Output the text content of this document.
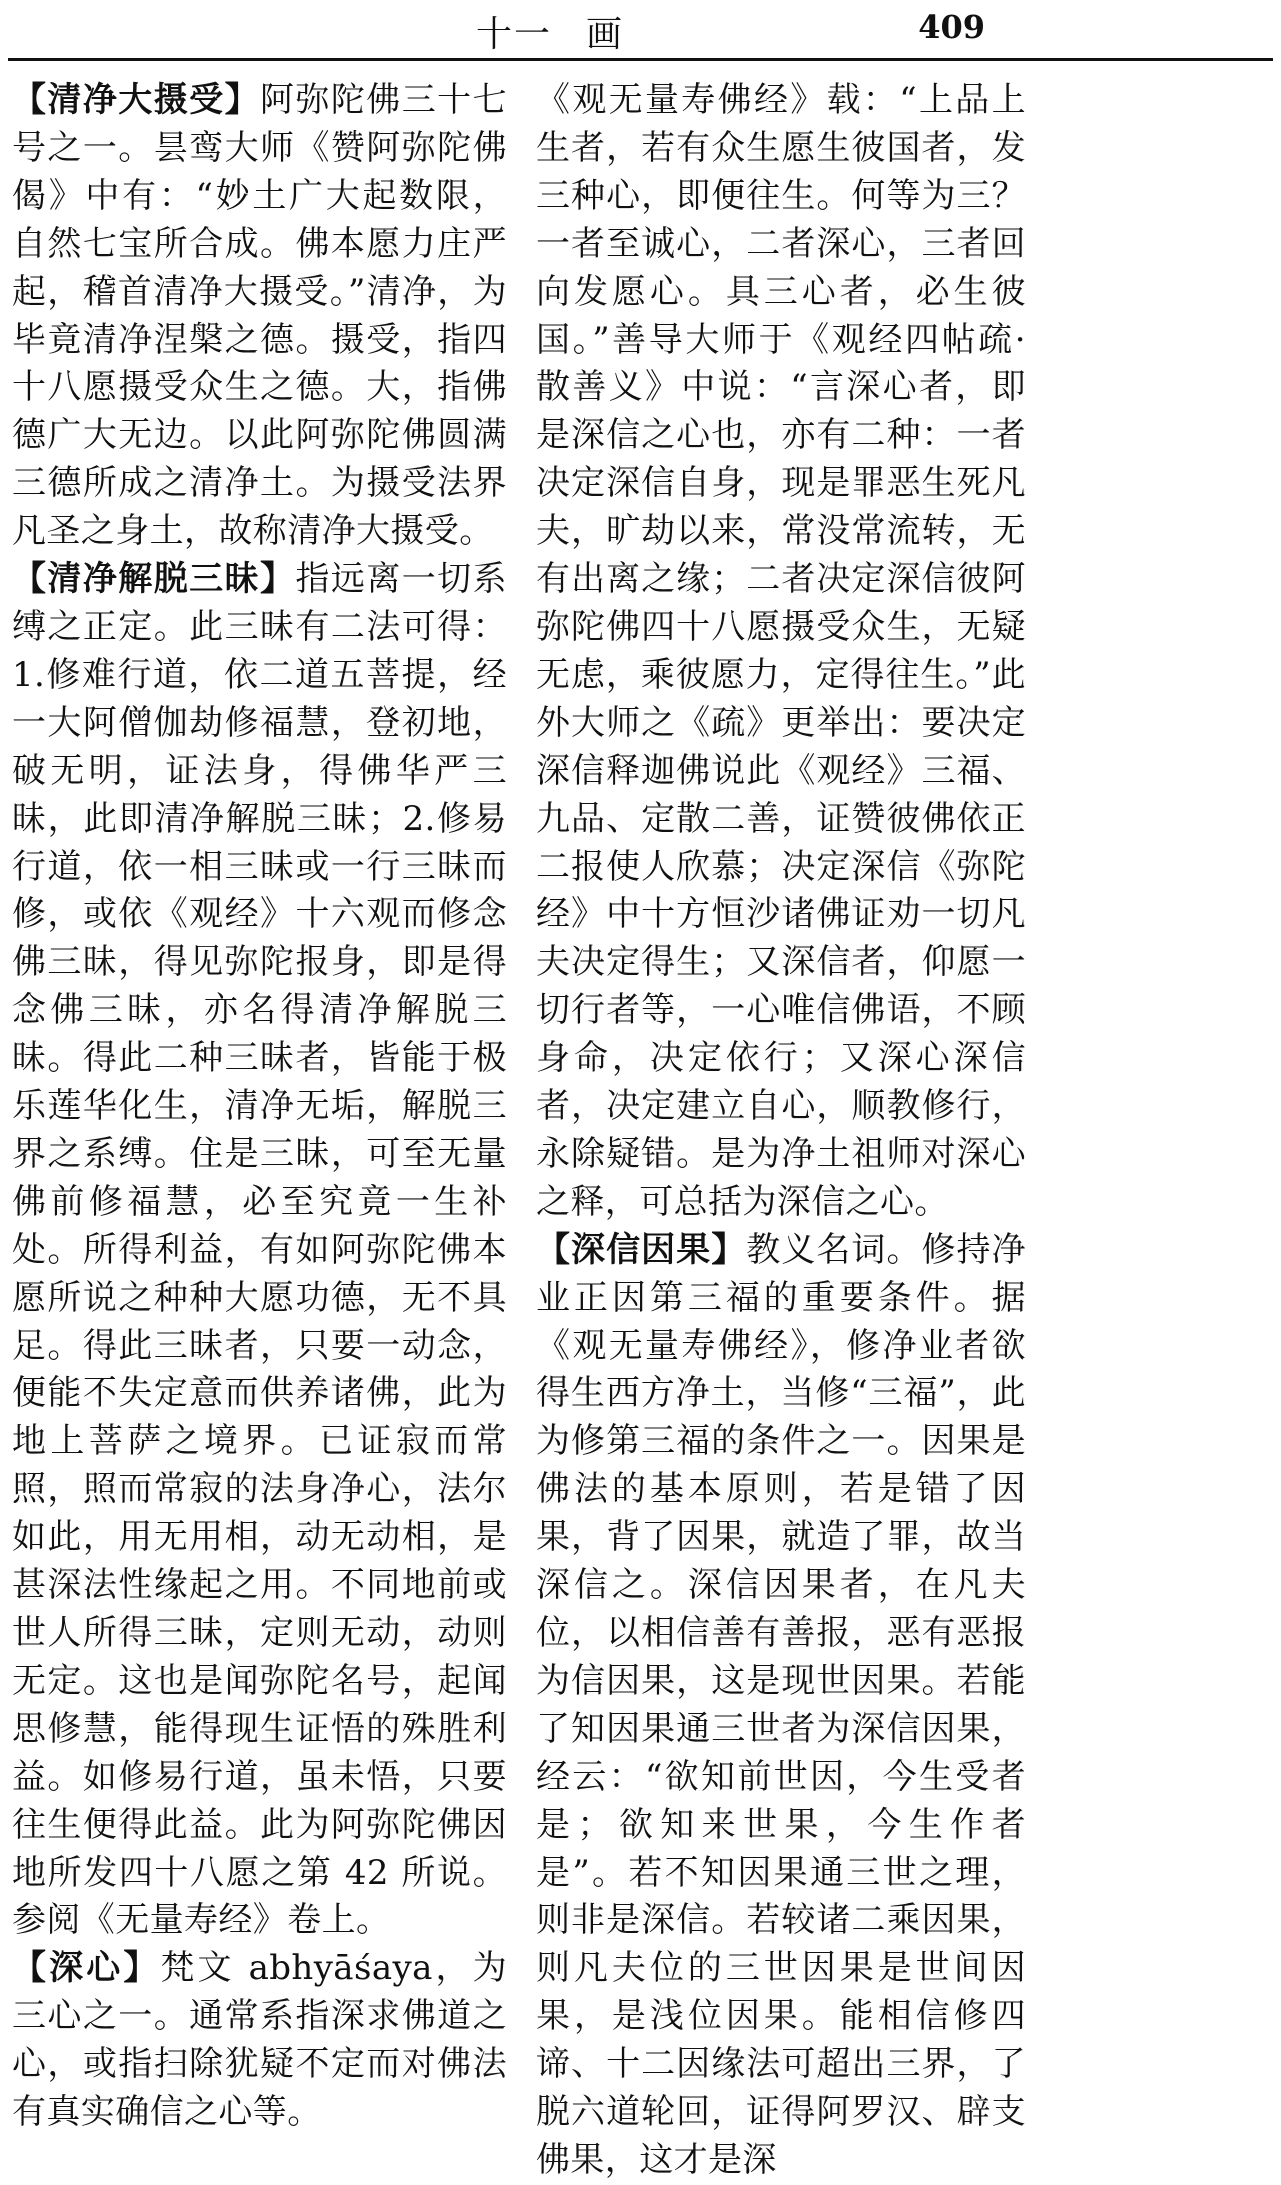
十一 画	409

【清净大摄受】阿弥陀佛三十七号之一。昙鸾大师《赞阿弥陀佛偈》中有：“妙土广大起数限，自然七宝所合成。佛本愿力庄严起，稽首清净大摄受。”清净，为毕竟清净涅槃之德。摄受，指四十八愿摄受众生之德。大，指佛德广大无边。以此阿弥陀佛圆满三德所成之清净土。为摄受法界凡圣之身土，故称清净大摄受。

【清净解脱三昧】指远离一切系缚之正定。此三昧有二法可得：1.修难行道，依二道五菩提，经一大阿僧伽劫修福慧，登初地，破无明，证法身，得佛华严三昧，此即清净解脱三昧；2.修易行道，依一相三昧或一行三昧而修，或依《观经》十六观而修念佛三昧，得见弥陀报身，即是得念佛三昧，亦名得清净解脱三昧。得此二种三昧者，皆能于极乐莲华化生，清净无垢，解脱三界之系缚。住是三昧，可至无量佛前修福慧，必至究竟一生补处。所得利益，有如阿弥陀佛本愿所说之种种大愿功德，无不具足。得此三昧者，只要一动念，便能不失定意而供养诸佛，此为地上菩萨之境界。已证寂而常照，照而常寂的法身净心，法尔如此，用无用相，动无动相，是甚深法性缘起之用。不同地前或世人所得三昧，定则无动，动则无定。这也是闻弥陀名号，起闻思修慧，能得现生证悟的殊胜利益。如修易行道，虽未悟，只要往生便得此益。此为阿弥陀佛因地所发四十八愿之第 42 所说。参阅《无量寿经》卷上。

【深心】梵文 abhyāśaya，为三心之一。通常系指深求佛道之心，或指扫除犹疑不定而对佛法有真实确信之心等。

《观无量寿佛经》载：“上品上生者，若有众生愿生彼国者，发三种心，即便往生。何等为三？一者至诚心，二者深心，三者回向发愿心。具三心者，必生彼国。”善导大师于《观经四帖疏·散善义》中说：“言深心者，即是深信之心也，亦有二种：一者决定深信自身，现是罪恶生死凡夫，旷劫以来，常没常流转，无有出离之缘；二者决定深信彼阿弥陀佛四十八愿摄受众生，无疑无虑，乘彼愿力，定得往生。”此外大师之《疏》更举出：要决定深信释迦佛说此《观经》三福、九品、定散二善，证赞彼佛依正二报使人欣慕；决定深信《弥陀经》中十方恒沙诸佛证劝一切凡夫决定得生；又深信者，仰愿一切行者等，一心唯信佛语，不顾身命，决定依行；又深心深信者，决定建立自心，顺教修行，永除疑错。是为净土祖师对深心之释，可总括为深信之心。

【深信因果】教义名词。修持净业正因第三福的重要条件。据《观无量寿佛经》，修净业者欲得生西方净土，当修“三福”，此为修第三福的条件之一。因果是佛法的基本原则，若是错了因果，背了因果，就造了罪，故当深信之。深信因果者，在凡夫位，以相信善有善报，恶有恶报为信因果，这是现世因果。若能了知因果通三世者为深信因果，经云：“欲知前世因，今生受者是；欲知来世果，今生作者是”。若不知因果通三世之理，则非是深信。若较诸二乘因果，则凡夫位的三世因果是世间因果，是浅位因果。能相信修四谛、十二因缘法可超出三界，了脱六道轮回，证得阿罗汉、辟支佛果，这才是深
